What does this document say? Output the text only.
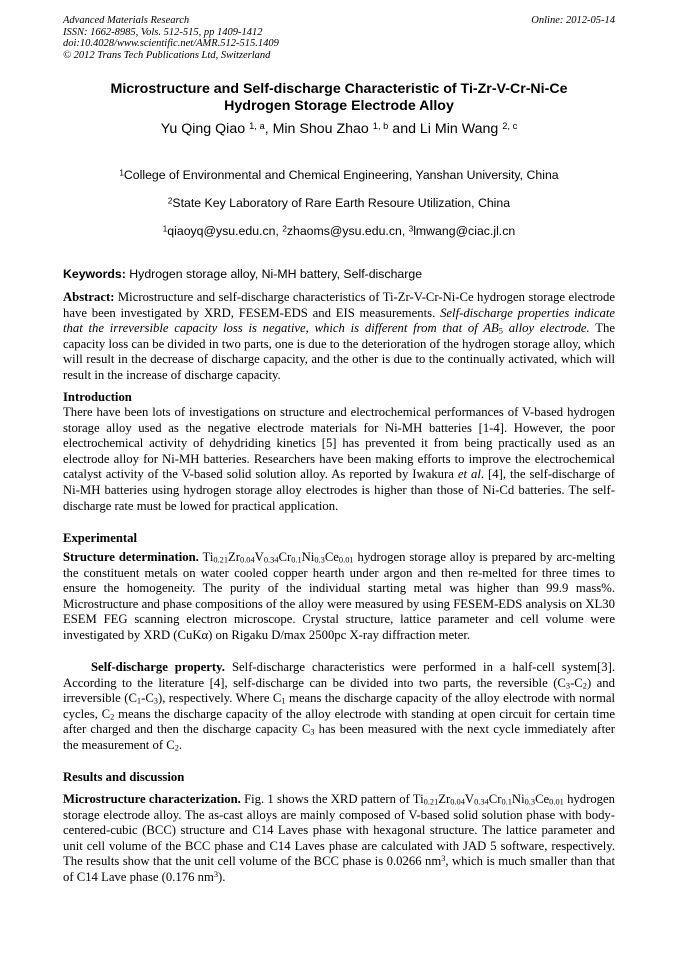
Advanced Materials Research
ISSN: 1662-8985, Vols. 512-515, pp 1409-1412
doi:10.4028/www.scientific.net/AMR.512-515.1409
© 2012 Trans Tech Publications Ltd, Switzerland
Online: 2012-05-14
Microstructure and Self-discharge Characteristic of Ti-Zr-V-Cr-Ni-Ce
Hydrogen Storage Electrode Alloy
Yu Qing Qiao $^{1, a}$, Min Shou Zhao $^{1, b}$ and Li Min Wang $^{2, c}$
$^1$College of Environmental and Chemical Engineering, Yanshan University, China
$^2$State Key Laboratory of Rare Earth Resoure Utilization, China
$^1$qiaoyq@ysu.edu.cn, $^2$zhaoms@ysu.edu.cn, $^3$lmwang@ciac.jl.cn
Keywords: Hydrogen storage alloy, Ni-MH battery, Self-discharge
Abstract: Microstructure and self-discharge characteristics of Ti-Zr-V-Cr-Ni-Ce hydrogen storage electrode have been investigated by XRD, FESEM-EDS and EIS measurements. Self-discharge properties indicate that the irreversible capacity loss is negative, which is different from that of $AB_5$ alloy electrode. The capacity loss can be divided in two parts, one is due to the deterioration of the hydrogen storage alloy, which will result in the decrease of discharge capacity, and the other is due to the continually activated, which will result in the increase of discharge capacity.
Introduction
There have been lots of investigations on structure and electrochemical performances of V-based hydrogen storage alloy used as the negative electrode materials for Ni-MH batteries [1-4]. However, the poor electrochemical activity of dehydriding kinetics [5] has prevented it from being practically used as an electrode alloy for Ni-MH batteries. Researchers have been making efforts to improve the electrochemical catalyst activity of the V-based solid solution alloy. As reported by Iwakura et al. [4], the self-discharge of Ni-MH batteries using hydrogen storage alloy electrodes is higher than those of Ni-Cd batteries. The self-discharge rate must be lowed for practical application.
Experimental
Structure determination. $Ti_{0.21}Zr_{0.04}V_{0.34}Cr_{0.1}Ni_{0.3}Ce_{0.01}$ hydrogen storage alloy is prepared by arc-melting the constituent metals on water cooled copper hearth under argon and then re-melted for three times to ensure the homogeneity. The purity of the individual starting metal was higher than 99.9 mass%. Microstructure and phase compositions of the alloy were measured by using FESEM-EDS analysis on XL30 ESEM FEG scanning electron microscope. Crystal structure, lattice parameter and cell volume were investigated by XRD (CuKα) on Rigaku D/max 2500pc X-ray diffraction meter.
Self-discharge property. Self-discharge characteristics were performed in a half-cell system[3]. According to the literature [4], self-discharge can be divided into two parts, the reversible $(C_3-C_2)$ and irreversible $(C_1-C_3)$, respectively. Where $C_1$ means the discharge capacity of the alloy electrode with normal cycles, $C_2$ means the discharge capacity of the alloy electrode with standing at open circuit for certain time after charged and then the discharge capacity $C_3$ has been measured with the next cycle immediately after the measurement of $C_2$.
Results and discussion
Microstructure characterization. Fig. 1 shows the XRD pattern of $Ti_{0.21}Zr_{0.04}V_{0.34}Cr_{0.1}Ni_{0.3}Ce_{0.01}$ hydrogen storage electrode alloy. The as-cast alloys are mainly composed of V-based solid solution phase with body-centered-cubic (BCC) structure and C14 Laves phase with hexagonal structure. The lattice parameter and unit cell volume of the BCC phase and C14 Laves phase are calculated with JAD 5 software, respectively. The results show that the unit cell volume of the BCC phase is 0.0266 $nm^3$, which is much smaller than that of C14 Lave phase (0.176 $nm^3$).
